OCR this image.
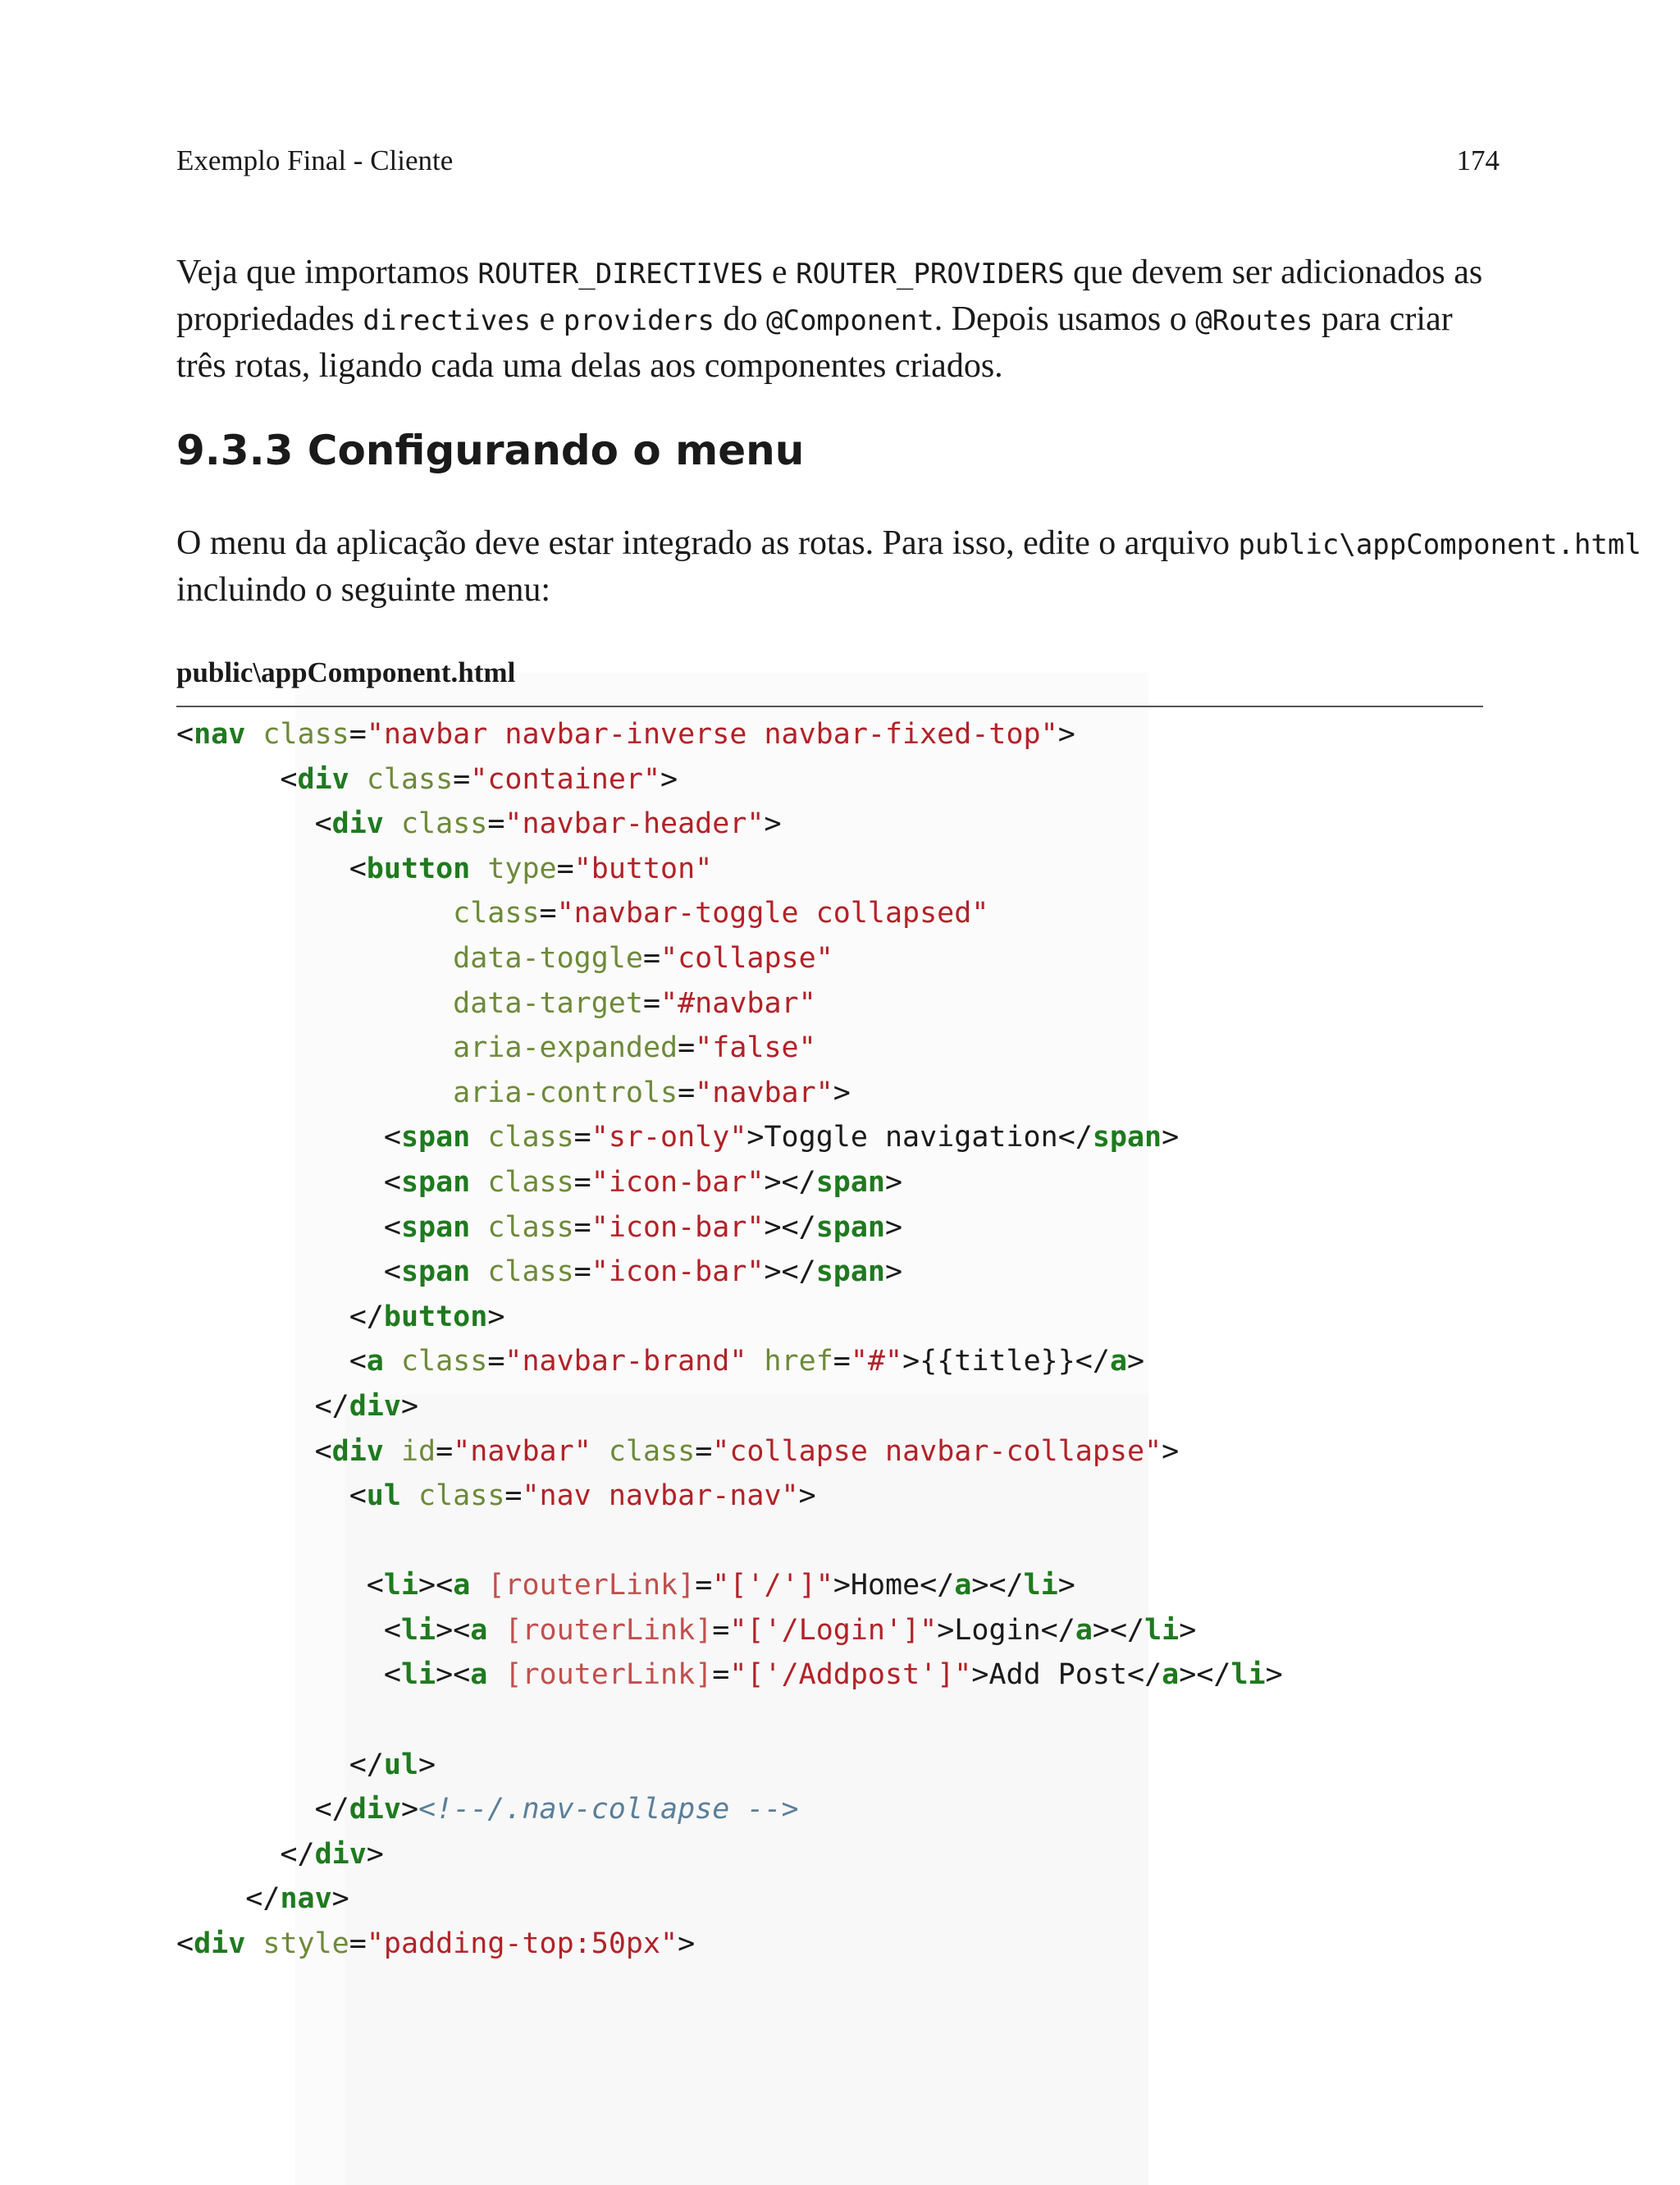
Exemplo Final - Cliente	174

Veja que importamos ROUTER_DIRECTIVES e ROUTER_PROVIDERS que devem ser adicionados as
propriedades directives e providers do @Component. Depois usamos o @Routes para criar
três rotas, ligando cada uma delas aos componentes criados.

9.3.3 Configurando o menu

O menu da aplicação deve estar integrado as rotas. Para isso, edite o arquivo public\appComponent.html
incluindo o seguinte menu:

public\appComponent.html
<nav class="navbar navbar-inverse navbar-fixed-top">
<div class="container">
<div class="navbar-header">
<button type="button"
class="navbar-toggle collapsed"
data-toggle="collapse"
data-target="#navbar"
aria-expanded="false"
aria-controls="navbar">
<span class="sr-only">Toggle navigation</span>
<span class="icon-bar"></span>
<span class="icon-bar"></span>
<span class="icon-bar"></span>
</button>
<a class="navbar-brand" href="#">{{title}}</a>
</div>
<div id="navbar" class="collapse navbar-collapse">
<ul class="nav navbar-nav">

<li><a [routerLink]="['/']">Home</a></li>
<li><a [routerLink]="['/Login']">Login</a></li>
<li><a [routerLink]="['/Addpost']">Add Post</a></li>

</ul>
</div><!--/.nav-collapse -->
</div>
</nav>
<div style="padding-top:50px">
